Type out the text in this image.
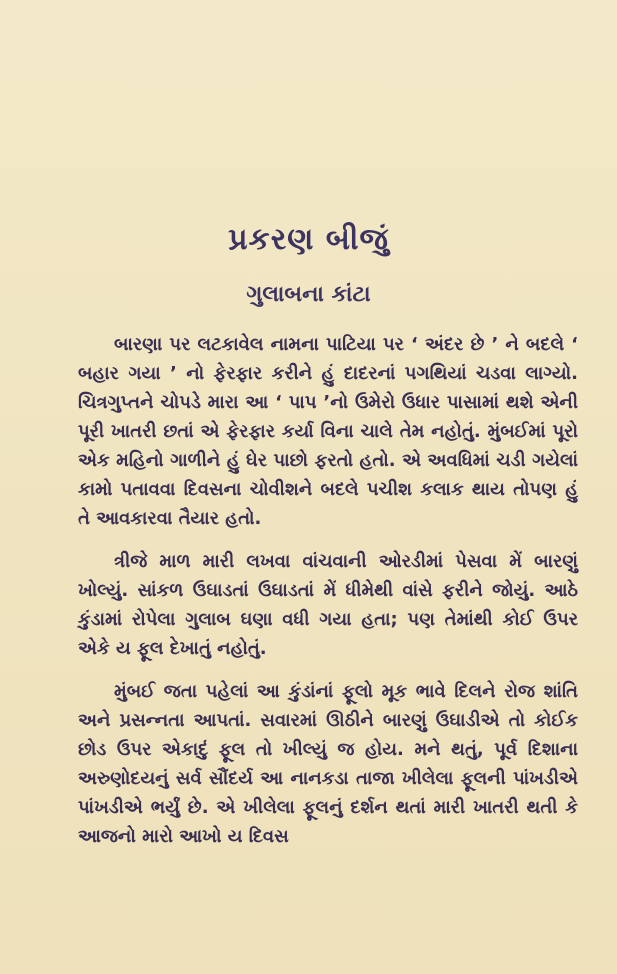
પ્રકરણ બીજું
ગુલાબના કાંટા

બારણા પર લટકાવેલ નામના પાટિયા પર ‘ અંદર છે ’ ને બદલે ‘ બહાર ગયા ’ નો ફેરફાર કરીને હું દાદરનાં પગથિયાં ચડવા લાગ્યો. ચિત્રગુપ્તને ચોપડે મારા આ ‘ પાપ ’નો ઉમેરો ઉધાર પાસામાં થશે એની પૂરી ખાતરી છતાં એ ફેરફાર કર્યા વિના ચાલે તેમ નહોતું. મુંબઈમાં પૂરો એક મહિનો ગાળીને હું ઘેર પાછો ફરતો હતો. એ અવધિમાં ચડી ગયેલાં કામો પતાવવા દિવસના ચોવીશને બદલે પચીશ કલાક થાય તોપણ હું તે આવકારવા તૈયાર હતો.

ત્રીજે માળ મારી લખવા વાંચવાની ઓરડીમાં પેસવા મેં બારણું ખોલ્યું. સાંકળ ઉઘાડતાં ઉઘાડતાં મેં ધીમેથી વાંસે ફરીને જોયું. આઠે કુંડામાં રોપેલા ગુલાબ ઘણા વધી ગયા હતા; પણ તેમાંથી કોઈ ઉપર એકે ય ફૂલ દેખાતું નહોતું.

મુંબઈ જતા પહેલાં આ કુંડાંનાં ફૂલો મૂક ભાવે દિલને રોજ શાંતિ અને પ્રસન્નતા આપતાં. સવારમાં ઊઠીને બારણું ઉઘાડીએ તો કોઈક છોડ ઉપર એકાદું ફૂલ તો ખીલ્યું જ હોય. મને થતું, પૂર્વ દિશાના અરુણોદયનું સર્વ સૌંદર્ય આ નાનકડા તાજા ખીલેલા ફૂલની પાંખડીએ પાંખડીએ ભર્યું છે. એ ખીલેલા ફૂલનું દર્શન થતાં મારી ખાતરી થતી કે આજનો મારો આખો ય દિવસ
